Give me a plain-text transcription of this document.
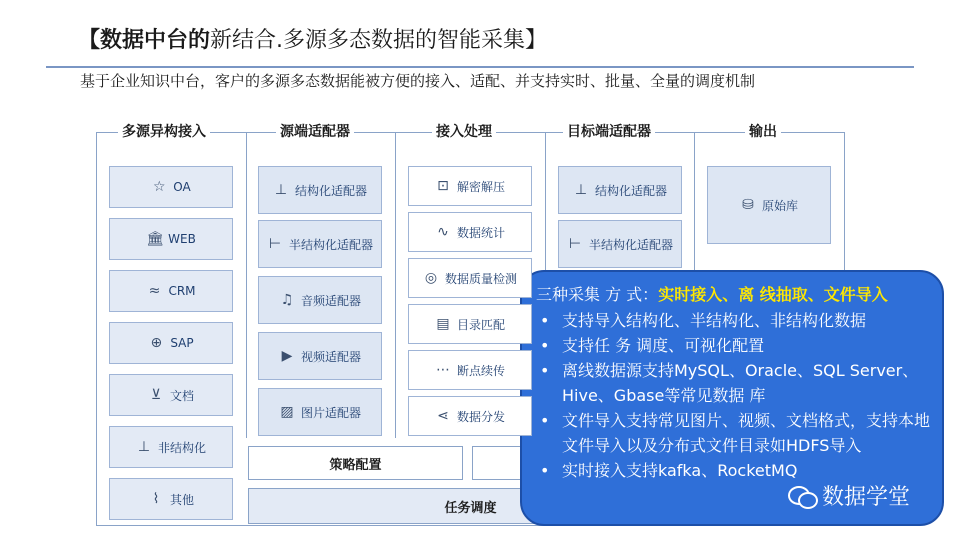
【数据中台的新结合.多源多态数据的智能采集】
基于企业知识中台，客户的多源多态数据能被方便的接入、适配、并支持实时、批量、全量的调度机制
多源异构接入	源端适配器	接入处理	目标端适配器	输出
策略配置
任务调度
三种采集 方 式：实时接入、离 线抽取、文件导入
• 支持导入结构化、半结构化、非结构化数据
• 支持任 务 调度、可视化配置
• 离线数据源支持MySQL、Oracle、SQL Server、Hive、Gbase等常见数据 库
• 文件导入支持常见图片、视频、文档格式，支持本地文件导入以及分布式文件目录如HDFS导入
• 实时接入支持kafka、RocketMQ
数据学堂
☆ OA
🏛 WEB
≈ CRM
⊕ SAP
⊻ 文档
⊥ 非结构化
⌇ 其他
⊥ 结构化适配器
⊢ 半结构化适配器
♫ 音频适配器
▶ 视频适配器
▨ 图片适配器
⊡ 解密解压
∿ 数据统计
◎ 数据质量检测
▤ 目录匹配
⋯ 断点续传
⋖ 数据分发
⊥ 结构化适配器
⊢ 半结构化适配器
⛁ 原始库
